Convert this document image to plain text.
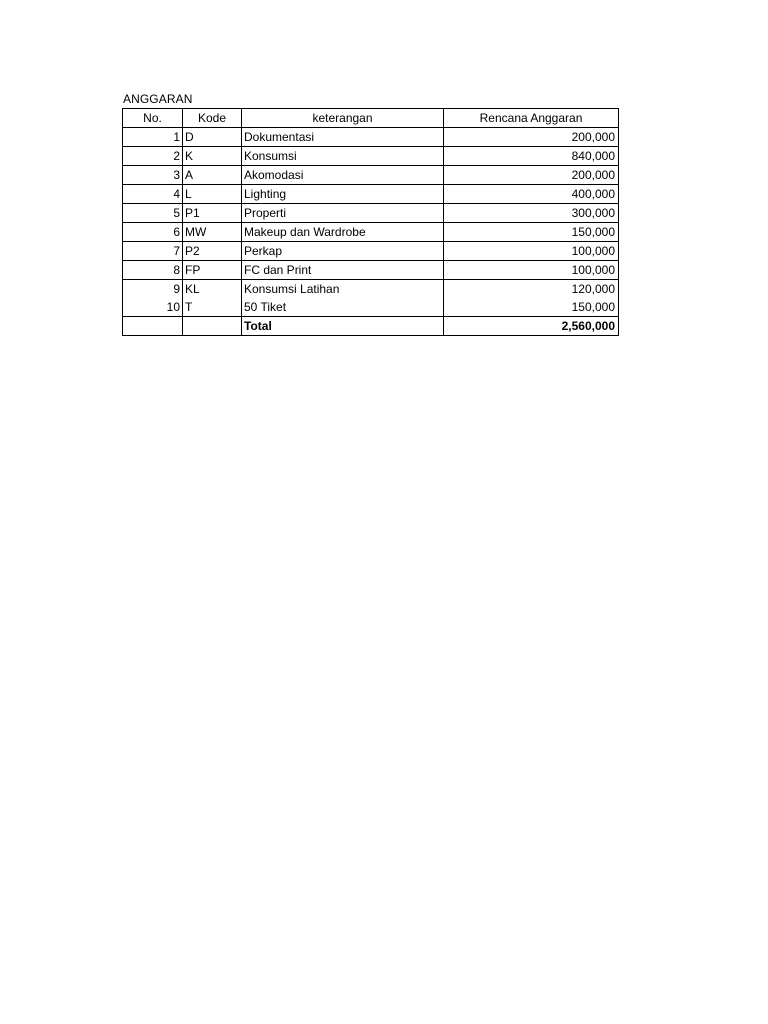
ANGGARAN
No.	Kode	keterangan	Rencana Anggaran
1	D	Dokumentasi	200,000
2	K	Konsumsi	840,000
3	A	Akomodasi	200,000
4	L	Lighting	400,000
5	P1	Properti	300,000
6	MW	Makeup dan Wardrobe	150,000
7	P2	Perkap	100,000
8	FP	FC dan Print	100,000
9	KL	Konsumsi Latihan	120,000
10	T	50 Tiket	150,000
		Total	2,560,000
